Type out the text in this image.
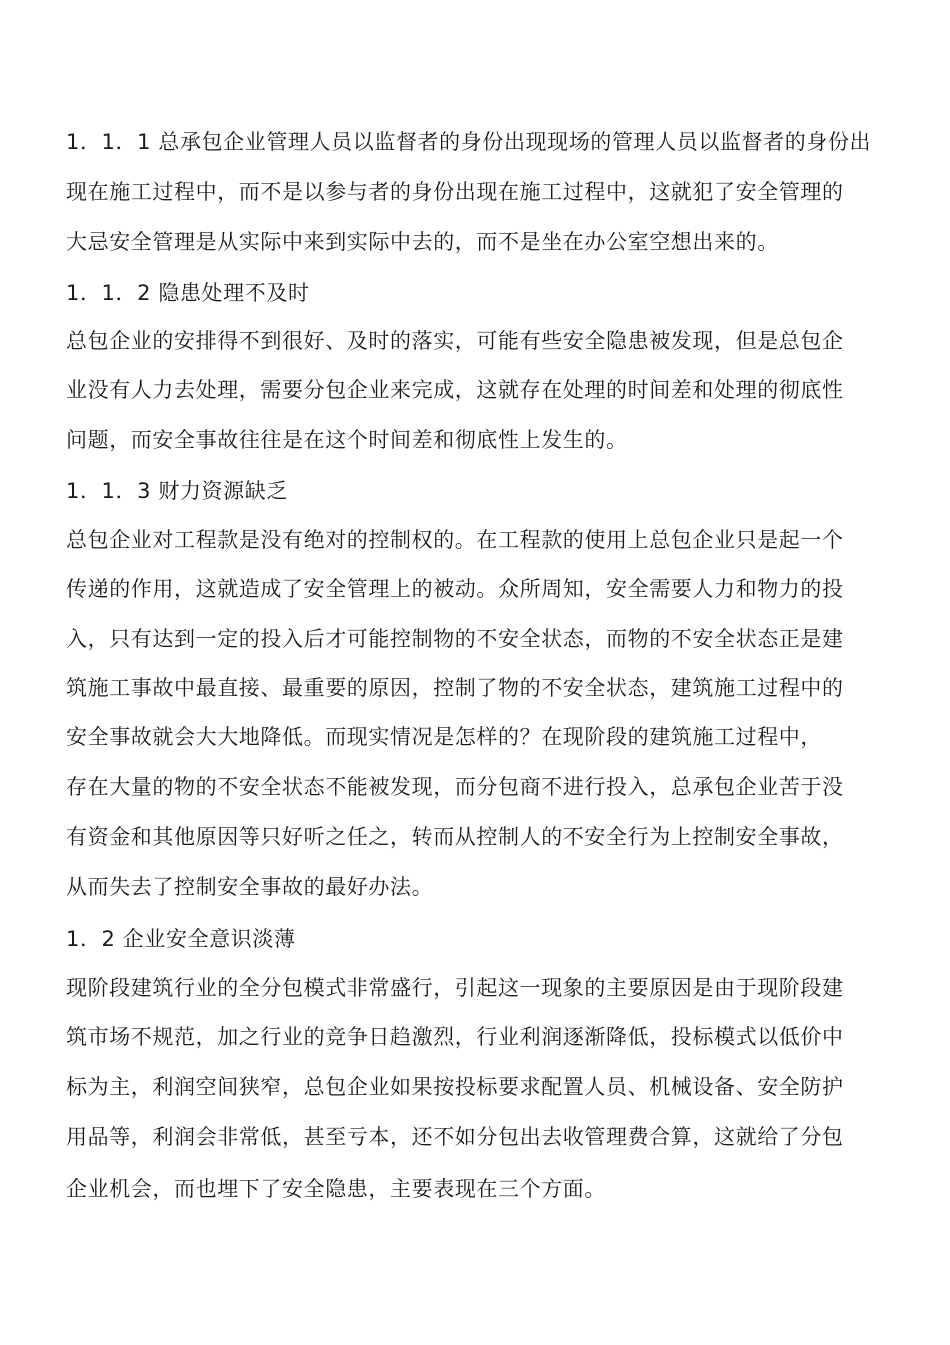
1．1．1 总承包企业管理人员以监督者的身份出现现场的管理人员以监督者的身份出
现在施工过程中，而不是以参与者的身份出现在施工过程中，这就犯了安全管理的
大忌安全管理是从实际中来到实际中去的，而不是坐在办公室空想出来的。
1．1．2 隐患处理不及时
总包企业的安排得不到很好、及时的落实，可能有些安全隐患被发现，但是总包企
业没有人力去处理，需要分包企业来完成，这就存在处理的时间差和处理的彻底性
问题，而安全事故往往是在这个时间差和彻底性上发生的。
1．1．3 财力资源缺乏
总包企业对工程款是没有绝对的控制权的。在工程款的使用上总包企业只是起一个
传递的作用，这就造成了安全管理上的被动。众所周知，安全需要人力和物力的投
入，只有达到一定的投入后才可能控制物的不安全状态，而物的不安全状态正是建
筑施工事故中最直接、最重要的原因，控制了物的不安全状态，建筑施工过程中的
安全事故就会大大地降低。而现实情况是怎样的？在现阶段的建筑施工过程中，
存在大量的物的不安全状态不能被发现，而分包商不进行投入，总承包企业苦于没
有资金和其他原因等只好听之任之，转而从控制人的不安全行为上控制安全事故，
从而失去了控制安全事故的最好办法。
1．2 企业安全意识淡薄
现阶段建筑行业的全分包模式非常盛行，引起这一现象的主要原因是由于现阶段建
筑市场不规范，加之行业的竞争日趋激烈，行业利润逐渐降低，投标模式以低价中
标为主，利润空间狭窄，总包企业如果按投标要求配置人员、机械设备、安全防护
用品等，利润会非常低，甚至亏本，还不如分包出去收管理费合算，这就给了分包
企业机会，而也埋下了安全隐患，主要表现在三个方面。
